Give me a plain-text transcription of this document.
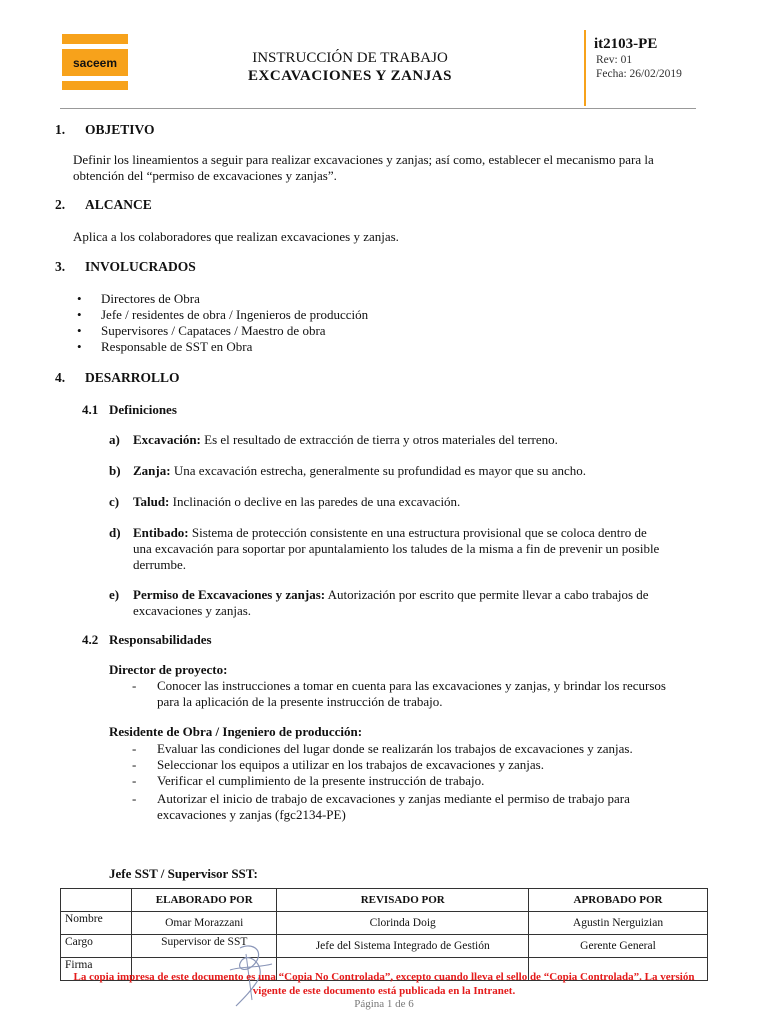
saceem	INSTRUCCIÓN DE TRABAJO
EXCAVACIONES Y ZANJAS
it2103-PE
Rev: 01
Fecha: 26/02/2019
1. OBJETIVO
Definir los lineamientos a seguir para realizar excavaciones y zanjas; así como, establecer el mecanismo para la
obtención del “permiso de excavaciones y zanjas”.
2. ALCANCE
Aplica a los colaboradores que realizan excavaciones y zanjas.
3. INVOLUCRADOS
• Directores de Obra
• Jefe / residentes de obra / Ingenieros de producción
• Supervisores / Capataces / Maestro de obra
• Responsable de SST en Obra
4. DESARROLLO
4.1 Definiciones
a) Excavación: Es el resultado de extracción de tierra y otros materiales del terreno.
b) Zanja: Una excavación estrecha, generalmente su profundidad es mayor que su ancho.
c) Talud: Inclinación o declive en las paredes de una excavación.
d) Entibado: Sistema de protección consistente en una estructura provisional que se coloca dentro de
una excavación para soportar por apuntalamiento los taludes de la misma a fin de prevenir un posible
derrumbe.
e) Permiso de Excavaciones y zanjas: Autorización por escrito que permite llevar a cabo trabajos de
excavaciones y zanjas.
4.2 Responsabilidades
Director de proyecto:
- Conocer las instrucciones a tomar en cuenta para las excavaciones y zanjas, y brindar los recursos
para la aplicación de la presente instrucción de trabajo.
Residente de Obra / Ingeniero de producción:
- Evaluar las condiciones del lugar donde se realizarán los trabajos de excavaciones y zanjas.
- Seleccionar los equipos a utilizar en los trabajos de excavaciones y zanjas.
- Verificar el cumplimiento de la presente instrucción de trabajo.
- Autorizar el inicio de trabajo de excavaciones y zanjas mediante el permiso de trabajo para
excavaciones y zanjas (fgc2134-PE)
Jefe SST / Supervisor SST:
	ELABORADO POR	REVISADO POR	APROBADO POR
Nombre	Omar Morazzani	Clorinda Doig	Agustin Nerguizian
Cargo	Supervisor de SST	Jefe del Sistema Integrado de Gestión	Gerente General
Firma			
La copia impresa de este documento es una “Copia No Controlada”, excepto cuando lleva el sello de “Copia Controlada”. La versión
vigente de este documento está publicada en la Intranet.
Página 1 de 6
